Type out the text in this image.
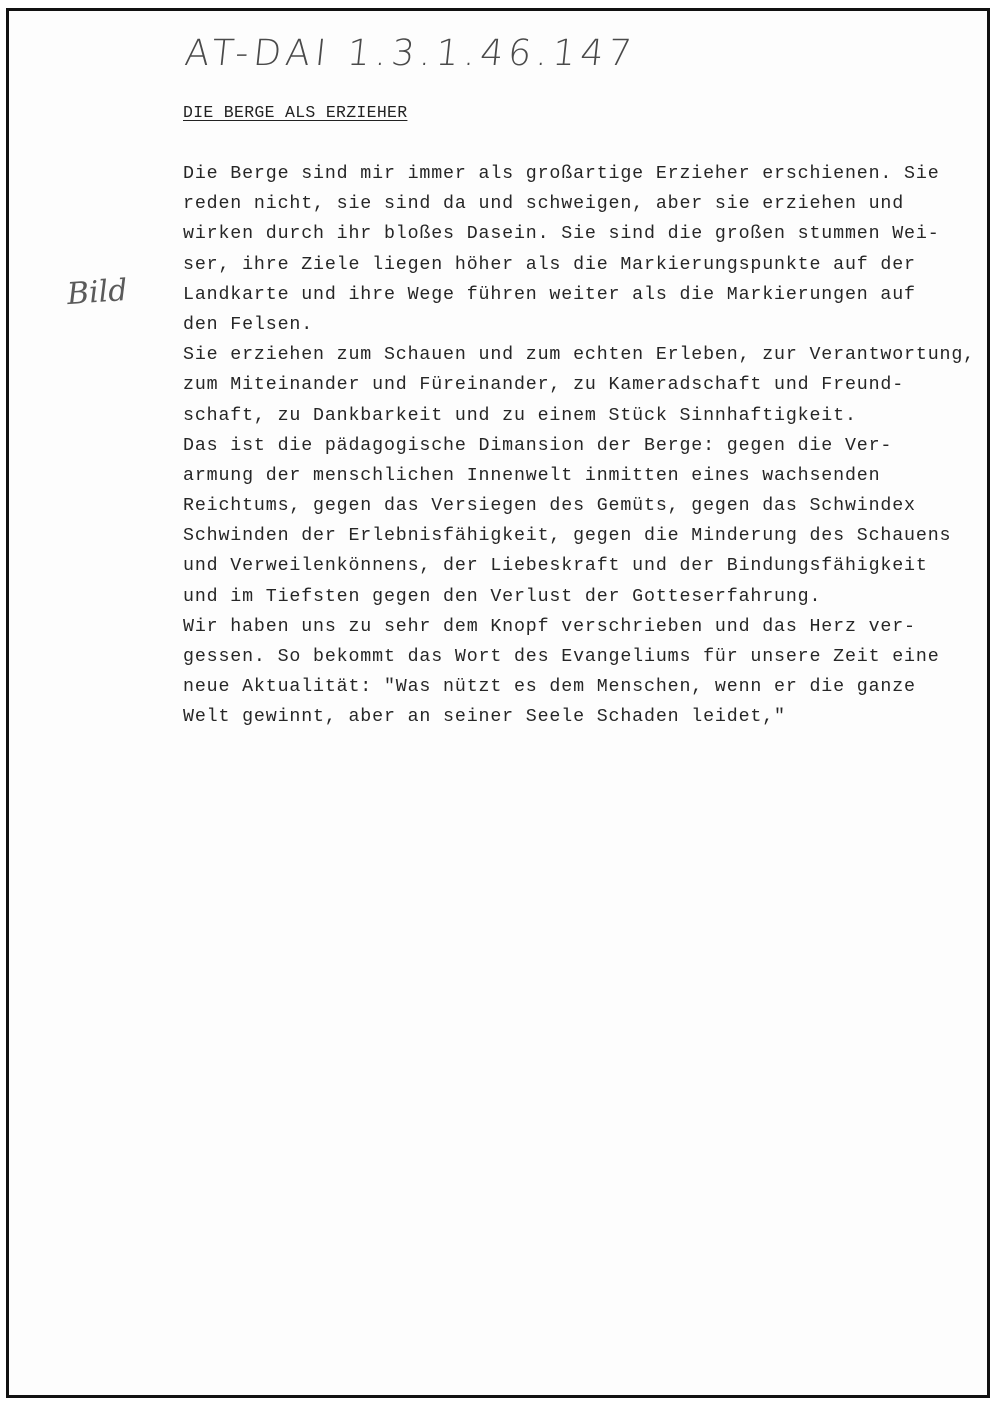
AT-DAI 1.3.1.46.147
DIE BERGE ALS ERZIEHER
Bild
Die Berge sind mir immer als großartige Erzieher erschienen. Sie
reden nicht, sie sind da und schweigen, aber sie erziehen und
wirken durch ihr bloßes Dasein. Sie sind die großen stummen Wei-
ser, ihre Ziele liegen höher als die Markierungspunkte auf der
Landkarte und ihre Wege führen weiter als die Markierungen auf
den Felsen.
Sie erziehen zum Schauen und zum echten Erleben, zur Verantwortung,
zum Miteinander und Füreinander, zu Kameradschaft und Freund-
schaft, zu Dankbarkeit und zu einem Stück Sinnhaftigkeit.
Das ist die pädagogische Dimansion der Berge: gegen die Ver-
armung der menschlichen Innenwelt inmitten eines wachsenden
Reichtums, gegen das Versiegen des Gemüts, gegen das Schwindex
Schwinden der Erlebnisfähigkeit, gegen die Minderung des Schauens
und Verweilenkönnens, der Liebeskraft und der Bindungsfähigkeit
und im Tiefsten gegen den Verlust der Gotteserfahrung.
Wir haben uns zu sehr dem Knopf verschrieben und das Herz ver-
gessen. So bekommt das Wort des Evangeliums für unsere Zeit eine
neue Aktualität: "Was nützt es dem Menschen, wenn er die ganze
Welt gewinnt, aber an seiner Seele Schaden leidet,"
